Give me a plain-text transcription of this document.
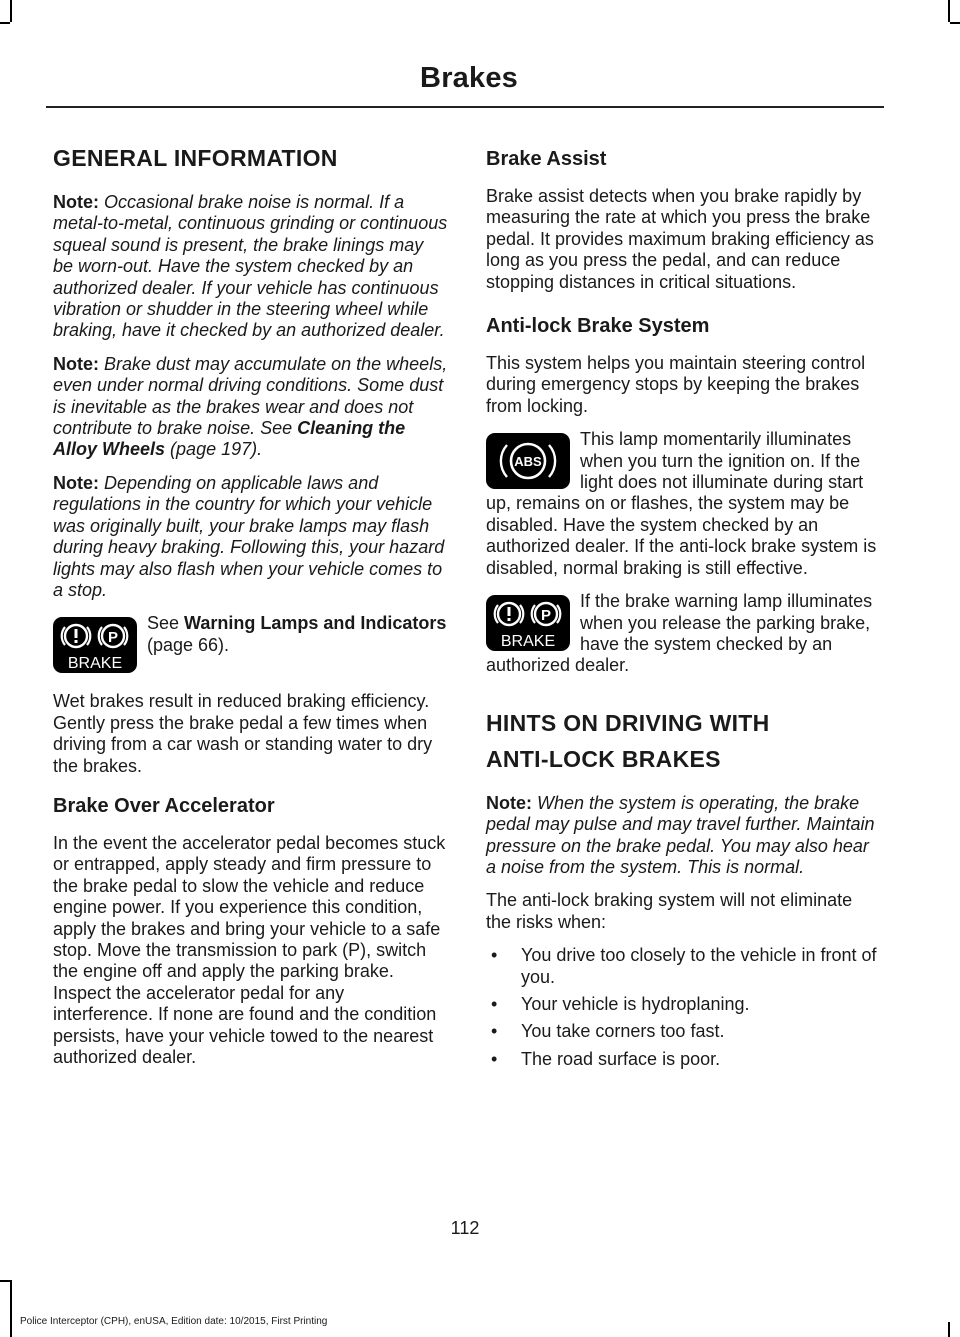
Brakes
GENERAL INFORMATION

Note: Occasional brake noise is normal. If a metal-to-metal, continuous grinding or continuous squeal sound is present, the brake linings may be worn-out. Have the system checked by an authorized dealer. If your vehicle has continuous vibration or shudder in the steering wheel while braking, have it checked by an authorized dealer.

Note: Brake dust may accumulate on the wheels, even under normal driving conditions. Some dust is inevitable as the brakes wear and does not contribute to brake noise. See Cleaning the Alloy Wheels (page 197).

Note: Depending on applicable laws and regulations in the country for which your vehicle was originally built, your brake lamps may flash during heavy braking. Following this, your hazard lights may also flash when your vehicle comes to a stop.

P
BRAKE

See Warning Lamps and Indicators (page 66).

Wet brakes result in reduced braking efficiency. Gently press the brake pedal a few times when driving from a car wash or standing water to dry the brakes.

Brake Over Accelerator

In the event the accelerator pedal becomes stuck or entrapped, apply steady and firm pressure to the brake pedal to slow the vehicle and reduce engine power. If you experience this condition, apply the brakes and bring your vehicle to a safe stop. Move the transmission to park (P), switch the engine off and apply the parking brake. Inspect the accelerator pedal for any interference. If none are found and the condition persists, have your vehicle towed to the nearest authorized dealer.

Brake Assist

Brake assist detects when you brake rapidly by measuring the rate at which you press the brake pedal. It provides maximum braking efficiency as long as you press the pedal, and can reduce stopping distances in critical situations.

Anti-lock Brake System

This system helps you maintain steering control during emergency stops by keeping the brakes from locking.

ABS

This lamp momentarily illuminates when you turn the ignition on. If the light does not illuminate during start up, remains on or flashes, the system may be disabled. Have the system checked by an authorized dealer. If the anti-lock brake system is disabled, normal braking is still effective.

P
BRAKE

If the brake warning lamp illuminates when you release the parking brake, have the system checked by an authorized dealer.

HINTS ON DRIVING WITH ANTI-LOCK BRAKES

Note: When the system is operating, the brake pedal may pulse and may travel further. Maintain pressure on the brake pedal. You may also hear a noise from the system. This is normal.

The anti-lock braking system will not eliminate the risks when:

• You drive too closely to the vehicle in front of you.
• Your vehicle is hydroplaning.
• You take corners too fast.
• The road surface is poor.
112
Police Interceptor (CPH), enUSA, Edition date: 10/2015, First Printing
